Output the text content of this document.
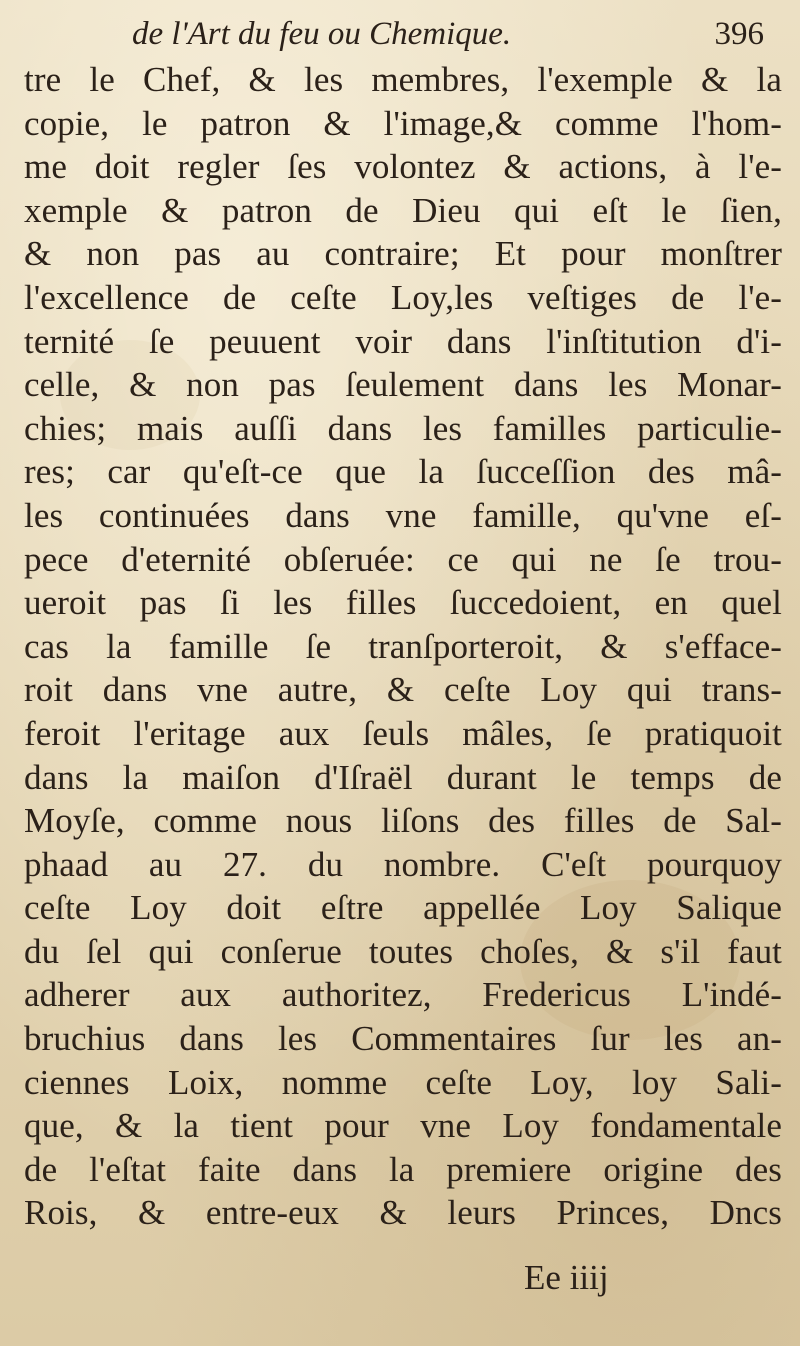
de l'Art du feu ou Chemique.	396
tre le Chef, & les membres, l'exemple & la
copie, le patron & l'image,& comme l'hom-
me doit regler ſes volontez & actions, à l'e-
xemple & patron de Dieu qui eſt le ſien,
& non pas au contraire; Et pour monſtrer
l'excellence de ceſte Loy,les veſtiges de l'e-
ternité ſe peuuent voir dans l'inſtitution d'i-
celle, & non pas ſeulement dans les Monar-
chies; mais auſſi dans les familles particulie-
res; car qu'eſt-ce que la ſucceſſion des mâ-
les continuées dans vne famille, qu'vne eſ-
pece d'eternité obſeruée: ce qui ne ſe trou-
ueroit pas ſi les filles ſuccedoient, en quel
cas la famille ſe tranſporteroit, & s'efface-
roit dans vne autre, & ceſte Loy qui trans-
feroit l'eritage aux ſeuls mâles, ſe pratiquoit
dans la maiſon d'Iſraël durant le temps de
Moyſe, comme nous liſons des filles de Sal-
phaad au 27. du nombre. C'eſt pourquoy
ceſte Loy doit eſtre appellée Loy Salique
du ſel qui conſerue toutes choſes, & s'il faut
adherer aux authoritez, Fredericus L'indé-
bruchius dans les Commentaires ſur les an-
ciennes Loix, nomme ceſte Loy, loy Sali-
que, & la tient pour vne Loy fondamentale
de l'eſtat faite dans la premiere origine des
Rois, & entre-eux & leurs Princes, Dncs
Ee iiij
